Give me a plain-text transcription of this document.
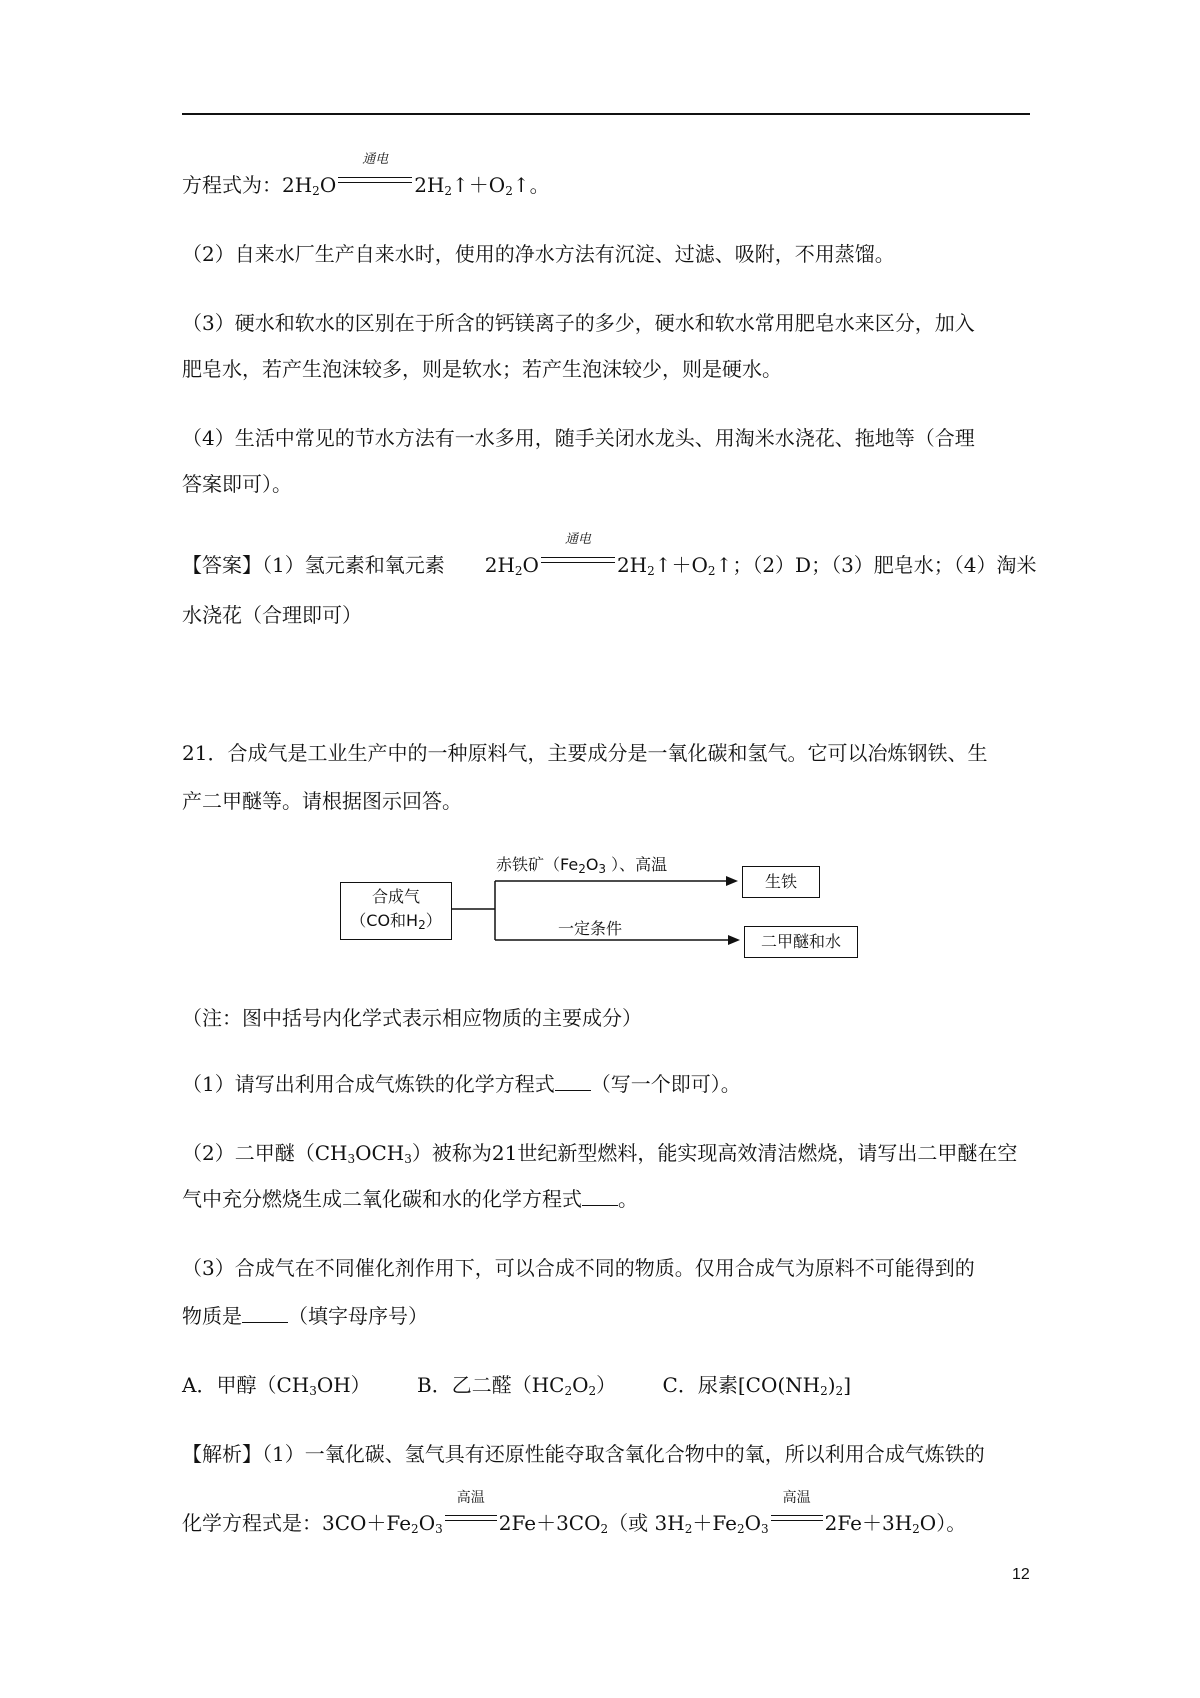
方程式为：$2H_2O$
通电
$2H_2↑+O_2↑$。
（2）自来水厂生产自来水时，使用的净水方法有沉淀、过滤、吸附，不用蒸馏。
（3）硬水和软水的区别在于所含的钙镁离子的多少，硬水和软水常用肥皂水来区分，加入
肥皂水，若产生泡沫较多，则是软水；若产生泡沫较少，则是硬水。
（4）生活中常见的节水方法有一水多用，随手关闭水龙头、用淘米水浇花、拖地等（合理
答案即可）。
【答案】（1）氢元素和氧元素 $2H_2O$
通电
$2H_2↑+O_2↑$；（2）D；（3）肥皂水；（4）淘米
水浇花（合理即可）
21．合成气是工业生产中的一种原料气，主要成分是一氧化碳和氢气。它可以冶炼钢铁、生
产二甲醚等。请根据图示回答。
合成气
（CO和$H_2$）
赤铁矿（$Fe_2O_3$ ）、高温
生铁
一定条件
二甲醚和水
（注：图中括号内化学式表示相应物质的主要成分）
（1）请写出利用合成气炼铁的化学方程式 （写一个即可）。
（2）二甲醚$(CH_3OCH_3)$被称为21世纪新型燃料，能实现高效清洁燃烧，请写出二甲醚在空
气中充分燃烧生成二氧化碳和水的化学方程式 。
（3）合成气在不同催化剂作用下，可以合成不同的物质。仅用合成气为原料不可能得到的
物质是 （填字母序号）
A．甲醇$(CH_3OH)$ B．乙二醛$(HC_2O_2)$ C．尿素$[CO(NH_2)_2]$
【解析】（1）一氧化碳、氢气具有还原性能夺取含氧化合物中的氧，所以利用合成气炼铁的
化学方程式是：$3CO+Fe_2O_3$
高温
$2Fe+3CO_2$（或 $3H_2+Fe_2O_3$
高温
$2Fe+3H_2O$）。
12
